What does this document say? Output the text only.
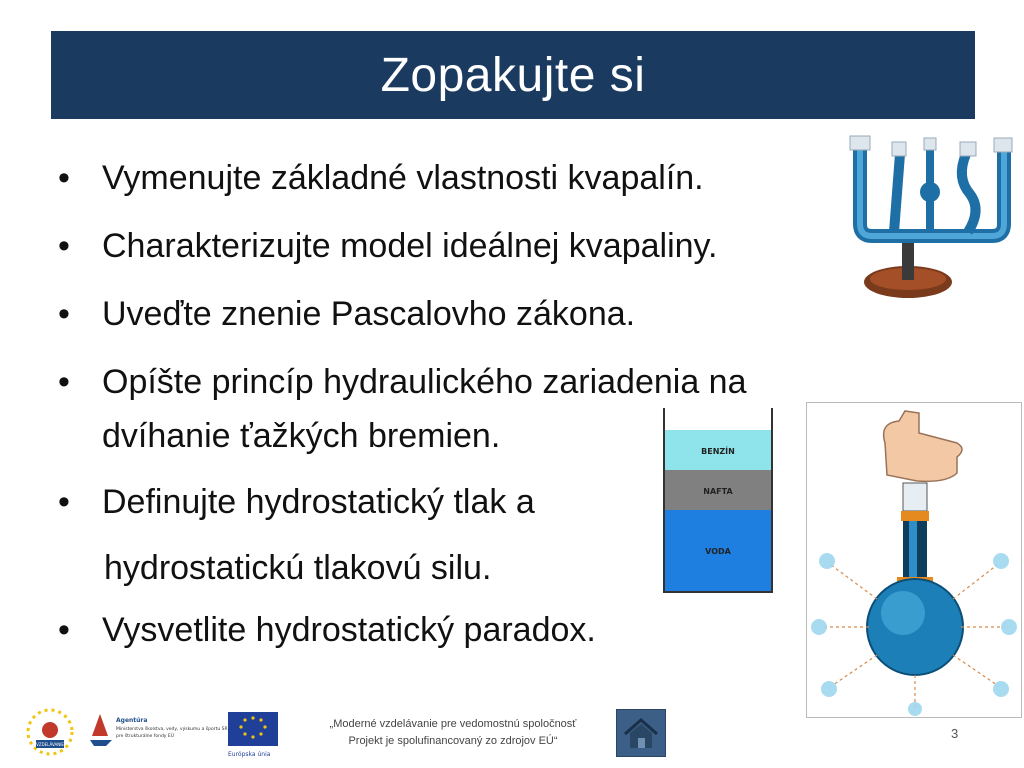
Zopakujte si
• Vymenujte základné vlastnosti kvapalín.
• Charakterizujte model ideálnej kvapaliny.
• Uveďte znenie Pascalovho zákona.
• Opíšte princíp hydraulického zariadenia na
dvíhanie ťažkých bremien.
• Definujte hydrostatický tlak a
hydrostatickú tlakovú silu.
• Vysvetlite hydrostatický paradox.
BENZÍN
NAFTA
VODA
VZDELÁVANIE
Agentúra
Ministerstva školstva, vedy, výskumu a športu SR
pre štrukturálne fondy EÚ
Európska únia
„Moderné vzdelávanie pre vedomostnú spoločnosť
Projekt je spolufinancovaný zo zdrojov EÚ“	3
